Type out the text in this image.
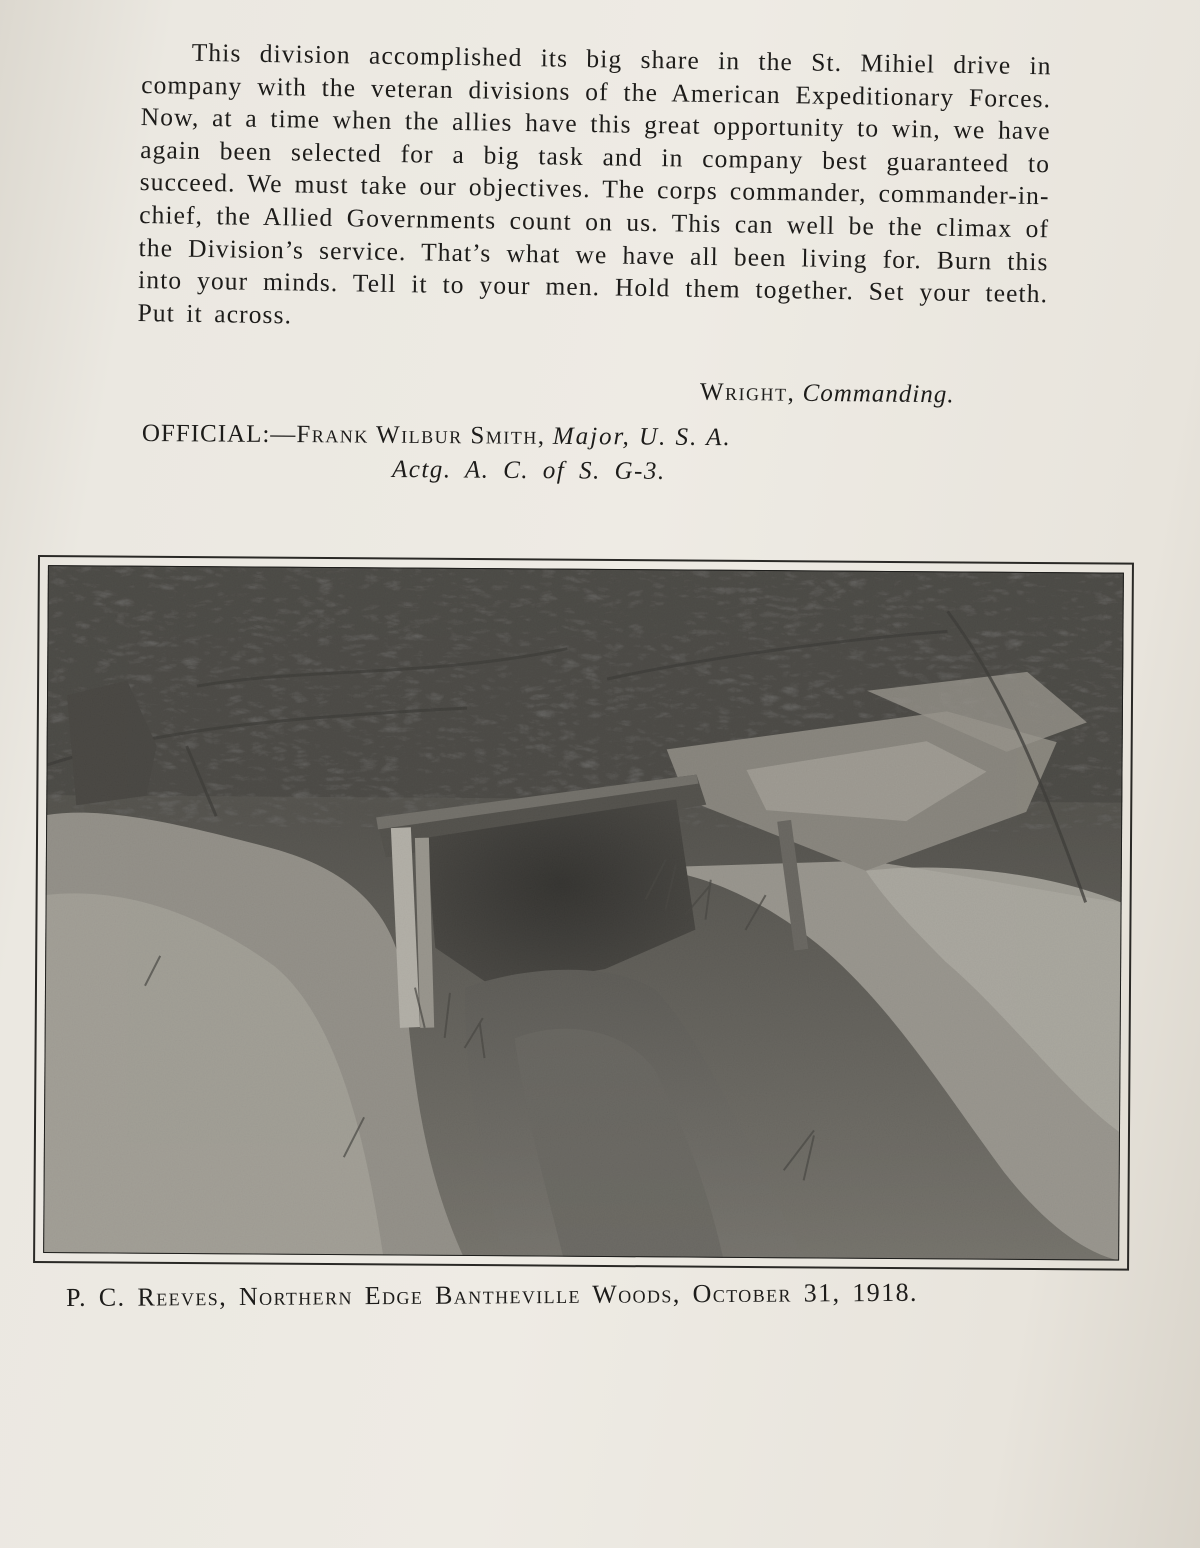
This division accomplished its big share in the St. Mihiel drive in company with the veteran divisions of the American Expeditionary Forces. Now, at a time when the allies have this great opportunity to win, we have again been selected for a big task and in company best guaranteed to succeed. We must take our objectives. The corps commander, commander-in-chief, the Allied Governments count on us. This can well be the climax of the Division’s service. That’s what we have all been living for. Burn this into your minds. Tell it to your men. Hold them together. Set your teeth. Put it across.

Wright, Commanding.
OFFICIAL:—Frank Wilbur Smith, Major, U. S. A.
Actg. A. C. of S. G-3.
P. C. Reeves, Northern Edge Bantheville Woods, October 31, 1918.
